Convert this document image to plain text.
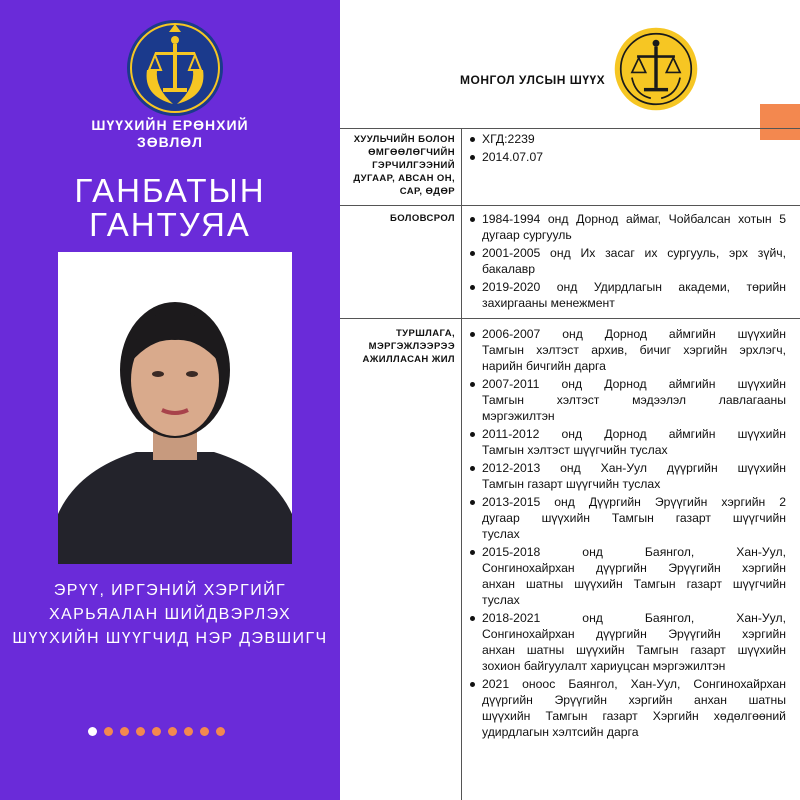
ШҮҮХИЙН ЕРӨНХИЙ
ЗӨВЛӨЛ
ГАНБАТЫН
ГАНТУЯА
ЭРҮҮ, ИРГЭНИЙ ХЭРГИЙГ
ХАРЬЯАЛАН ШИЙДВЭРЛЭХ
ШҮҮХИЙН ШҮҮГЧИД НЭР ДЭВШИГЧ
МОНГОЛ УЛСЫН ШҮҮХ
ХУУЛЬЧИЙН БОЛОН
ӨМГӨӨЛӨГЧИЙН
ГЭРЧИЛГЭЭНИЙ
ДУГААР, АВСАН ОН,
САР, ӨДӨР
ХГД:2239
2014.07.07
БОЛОВСРОЛ 1984-1994 онд Дорнод аймаг, Чойбалсан хотын 5
дугаар сургууль
2001-2005 онд Их засаг их сургууль, эрх зүйч,
бакалавр
2019-2020 онд Удирдлагын академи, төрийн
захиргааны менежмент
ТУРШЛАГА,
МЭРГЭЖЛЭЭРЭЭ
АЖИЛЛАСАН ЖИЛ
2006-2007 онд Дорнод аймгийн шүүхийн
Тамгын хэлтэст архив, бичиг хэргийн эрхлэгч,
нарийн бичгийн дарга
2007-2011 онд Дорнод аймгийн шүүхийн
Тамгын хэлтэст мэдээлэл лавлагааны
мэргэжилтэн
2011-2012 онд Дорнод аймгийн шүүхийн
Тамгын хэлтэст шүүгчийн туслах
2012-2013 онд Хан-Уул дүүргийн шүүхийн
Тамгын газарт шүүгчийн туслах
2013-2015 онд Дүүргийн Эрүүгийн хэргийн 2
дугаар шүүхийн Тамгын газарт шүүгчийн
туслах
2015-2018 онд Баянгол, Хан-Уул,
Сонгинохайрхан дүүргийн Эрүүгийн хэргийн
анхан шатны шүүхийн Тамгын газарт шүүгчийн
туслах
2018-2021 онд Баянгол, Хан-Уул,
Сонгинохайрхан дүүргийн Эрүүгийн хэргийн
анхан шатны шүүхийн Тамгын газарт шүүхийн
зохион байгуулалт хариуцсан мэргэжилтэн
2021 оноос Баянгол, Хан-Уул, Сонгинохайрхан
дүүргийн Эрүүгийн хэргийн анхан шатны
шүүхийн Тамгын газарт Хэргийн хөдөлгөөний
удирдлагын хэлтсийн дарга
